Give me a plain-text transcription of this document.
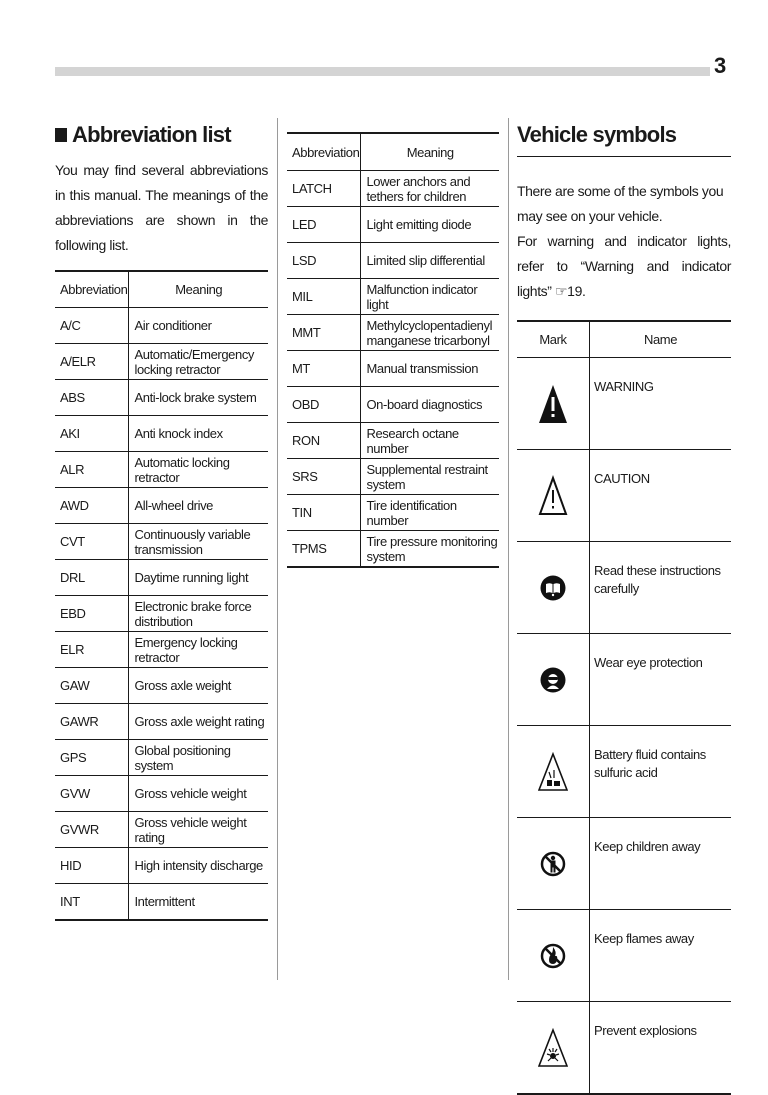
3
Abbreviation list
You may find several abbreviations in this manual. The meanings of the abbreviations are shown in the following list.
Abbreviation	Meaning
A/C	Air conditioner
A/ELR	Automatic/Emergency locking retractor
ABS	Anti-lock brake system
AKI	Anti knock index
ALR	Automatic locking retractor
AWD	All-wheel drive
CVT	Continuously variable transmission
DRL	Daytime running light
EBD	Electronic brake force distribution
ELR	Emergency locking retractor
GAW	Gross axle weight
GAWR	Gross axle weight rating
GPS	Global positioning system
GVW	Gross vehicle weight
GVWR	Gross vehicle weight rating
HID	High intensity discharge
INT	Intermittent
Abbreviation	Meaning
LATCH	Lower anchors and tethers for children
LED	Light emitting diode
LSD	Limited slip differential
MIL	Malfunction indicator light
MMT	Methylcyclopentadienyl manganese tricarbonyl
MT	Manual transmission
OBD	On-board diagnostics
RON	Research octane number
SRS	Supplemental restraint system
TIN	Tire identification number
TPMS	Tire pressure monitoring system
Vehicle symbols
There are some of the symbols you may see on your vehicle.
For warning and indicator lights, refer to “Warning and indicator lights” ☞19.
Mark	Name
	WARNING
	CAUTION
	Read these instructions carefully
	Wear eye protection
	Battery fluid contains sulfuric acid
	Keep children away
	Keep flames away
	Prevent explosions
